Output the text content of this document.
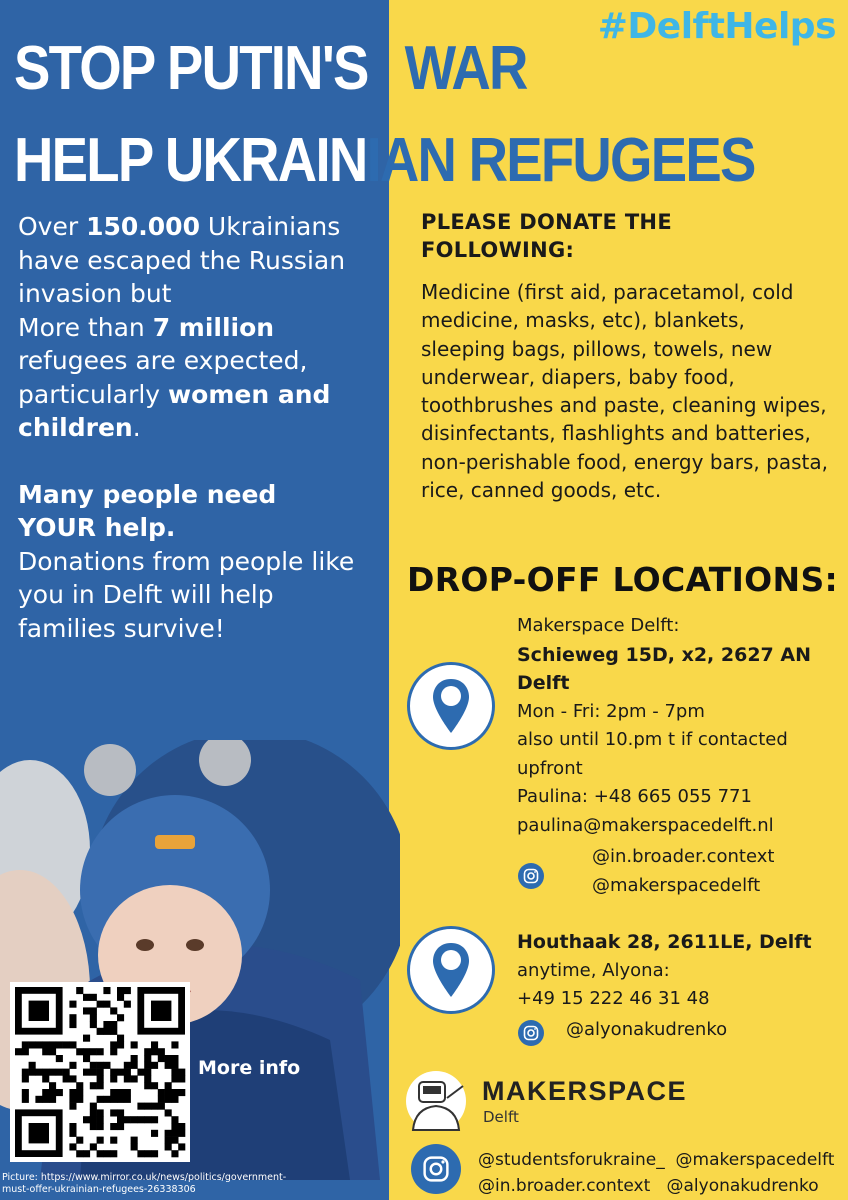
#DelftHelps
STOP PUTIN'S WAR
HELP UKRAINIAN REFUGEES
Over 150.000 Ukrainians have escaped the Russian invasion but
More than 7 million refugees are expected, particularly women and children.
Many people need YOUR help.
Donations from people like you in Delft will help families survive!
PLEASE DONATE THE FOLLOWING:
Medicine (first aid, paracetamol, cold medicine, masks, etc), blankets, sleeping bags, pillows, towels, new underwear, diapers, baby food, toothbrushes and paste, cleaning wipes, disinfectants, flashlights and batteries, non-perishable food, energy bars, pasta, rice, canned goods, etc.
DROP-OFF LOCATIONS:
Makerspace Delft:
Schieweg 15D, x2, 2627 AN Delft
Mon - Fri: 2pm - 7pm
also until 10.pm t if contacted upfront
Paulina: +48 665 055 771
paulina@makerspacedelft.nl
@in.broader.context
@makerspacedelft
Houthaak 28, 2611LE, Delft
anytime, Alyona:
+49 15 222 46 31 48
@alyonakudrenko
More info
Picture: https://www.mirror.co.uk/news/politics/government-must-offer-ukrainian-refugees-26338306
MAKERSPACE
Delft
@studentsforukraine_ @makerspacedelft
@in.broader.context @alyonakudrenko
